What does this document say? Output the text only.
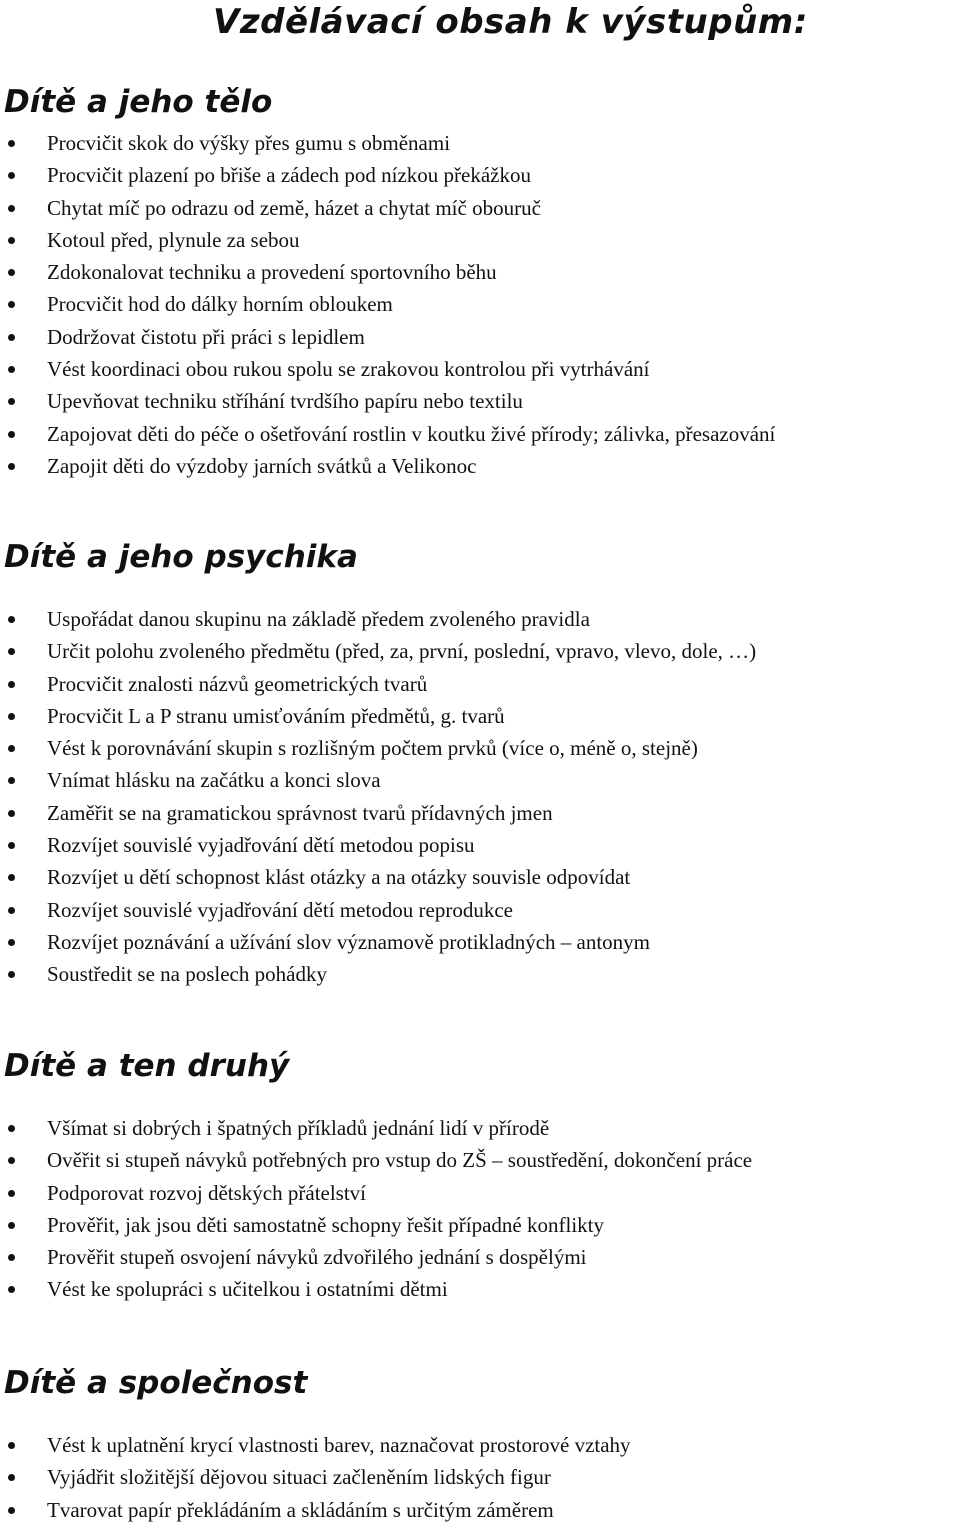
Vzdělávací obsah k výstupům:
Dítě a jeho tělo
Procvičit skok do výšky přes gumu s obměnami
Procvičit plazení po břiše a zádech pod nízkou překážkou
Chytat míč po odrazu od země, házet a chytat míč obouruč
Kotoul před, plynule za sebou
Zdokonalovat techniku a provedení sportovního běhu
Procvičit hod do dálky horním obloukem
Dodržovat čistotu při práci s lepidlem
Vést koordinaci obou rukou spolu se zrakovou kontrolou při vytrhávání
Upevňovat techniku stříhání tvrdšího papíru nebo textilu
Zapojovat děti do péče o ošetřování rostlin v koutku živé přírody; zálivka, přesazování
Zapojit děti do výzdoby jarních svátků a Velikonoc
Dítě a jeho psychika
Uspořádat danou skupinu na základě předem zvoleného pravidla
Určit polohu zvoleného předmětu (před, za, první, poslední, vpravo, vlevo, dole, …)
Procvičit znalosti názvů geometrických tvarů
Procvičit L a P stranu umisťováním předmětů, g. tvarů
Vést k porovnávání skupin s rozlišným počtem prvků (více o, méně o, stejně)
Vnímat hlásku na začátku a konci slova
Zaměřit se na gramatickou správnost tvarů přídavných jmen
Rozvíjet souvislé vyjadřování dětí metodou popisu
Rozvíjet u dětí schopnost klást otázky a na otázky souvisle odpovídat
Rozvíjet souvislé vyjadřování dětí metodou reprodukce
Rozvíjet poznávání a užívání slov významově protikladných – antonym
Soustředit se na poslech pohádky
Dítě a ten druhý
Všímat si dobrých i špatných příkladů jednání lidí v přírodě
Ověřit si stupeň návyků potřebných pro vstup do ZŠ – soustředění, dokončení práce
Podporovat rozvoj dětských přátelství
Prověřit, jak jsou děti samostatně schopny řešit případné konflikty
Prověřit stupeň osvojení návyků zdvořilého jednání s dospělými
Vést ke spolupráci s učitelkou i ostatními dětmi
Dítě a společnost
Vést k uplatnění krycí vlastnosti barev, naznačovat prostorové vztahy
Vyjádřit složitější dějovou situaci začleněním lidských figur
Tvarovat papír překládáním a skládáním s určitým záměrem
